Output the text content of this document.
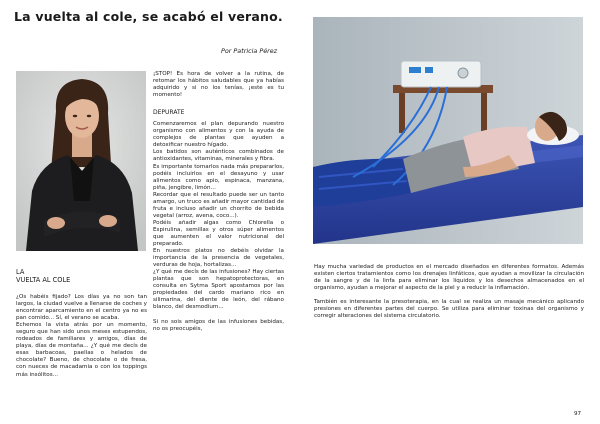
La vuelta al cole, se acabó el verano.
Por Patricia Pérez
LA
VUELTA AL COLE

¿Os habéis fijado? Los días ya no son tan largos, la ciudad vuelve a llenarse de coches y encontrar aparcamiento en el centro ya no es pan comido... Sí, el verano se acaba.

Echemos la vista atrás por un momento, seguro que han sido unos meses estupendos, rodeados de familiares y amigos, días de playa, días de montaña... ¿Y qué me decís de esas barbacoas, paellas o helados de chocolate? Bueno, de chocolate o de fresa, con nueces de macadamia o con los toppings más insólitos...

¡STOP! Es hora de volver a la rutina, de retomar los hábitos saludables que ya habías adquirido y si no los tenías, ¡este es tu momento!

DEPURATE

Comenzaremos el plan depurando nuestro organismo con alimentos y con la ayuda de complejos de plantas que ayuden a detoxificar nuestro hígado.

Los batidos son auténticos combinados de antioxidantes, vitaminas, minerales y fibra.

Es importante tomarlos nada más prepararlos, podéis incluirlos en el desayuno y usar alimentos como apio, espinaca, manzana, piña, jengibre, limón...

Recordar que el resultado puede ser un tanto amargo, un truco es añadir mayor cantidad de fruta e incluso añadir un chorrito de bebida vegetal (arroz, avena, coco...).

Podéis añadir algas como Chlorella o Espirulina, semillas y otros súper alimentos que aumenten el valor nutricional del preparado.

En nuestros platos no debéis olvidar la importancia de la presencia de vegetales, verduras de hoja, hortalizas...

¿Y qué me decís de las infusiones? Hay ciertas plantas que son hepatoprotectoras, en consulta en Sytma Sport apostamos por las propiedades del cardo mariano rico en silimarina, del diente de león, del rábano blanco, del desmodium...

Si no sois amigos de las infusiones bebidas, no os preocupéis,

Hay mucha variedad de productos en el mercado diseñados en diferentes formatos. Además existen ciertos tratamientos como los drenajes linfáticos, que ayudan a movilizar la circulación de la sangre y de la linfa para eliminar los líquidos y los desechos almacenados en el organismo, ayudan a mejorar el aspecto de la piel y a reducir la inflamación.

También es interesante la presoterapia, en la cual se realiza un masaje mecánico aplicando presiones en diferentes partes del cuerpo. Se utiliza para eliminar toxinas del organismo y corregir alteraciones del sistema circulatorio.

97
